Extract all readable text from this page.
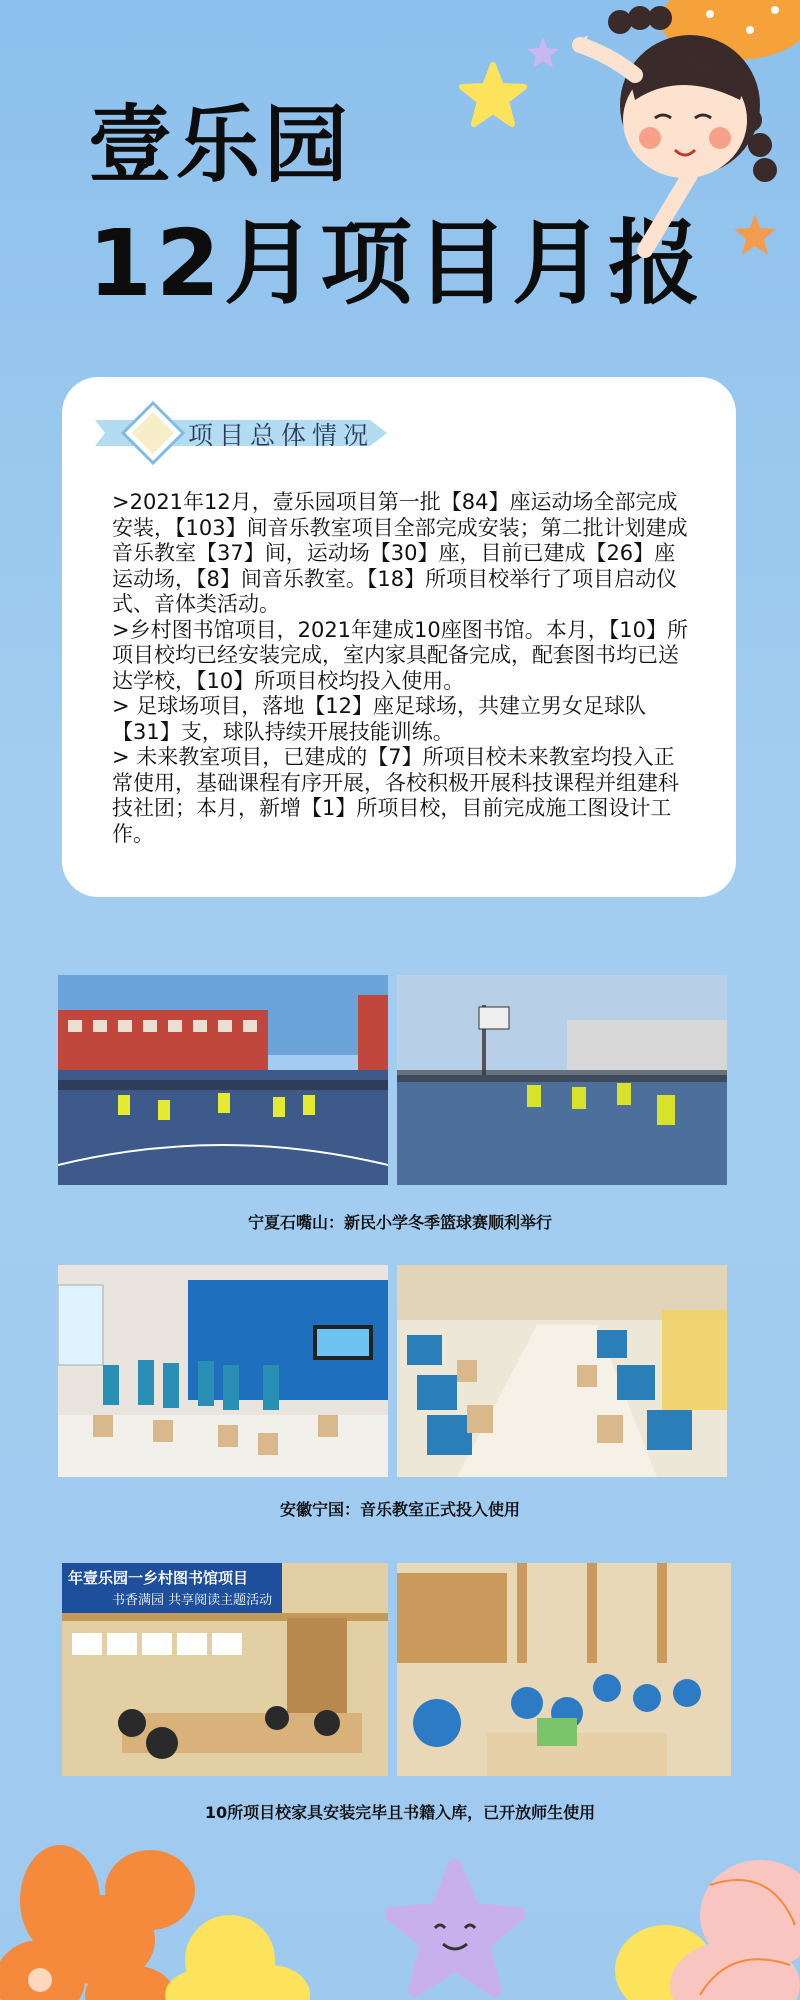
壹乐园
12月项目月报
项目总体情况

>2021年12月，壹乐园项目第一批【84】座运动场全部完成安装，【103】间音乐教室项目全部完成安装；第二批计划建成音乐教室【37】间，运动场【30】座，目前已建成【26】座运动场，【8】间音乐教室。【18】所项目校举行了项目启动仪式、音体类活动。

>乡村图书馆项目，2021年建成10座图书馆。本月，【10】所项目校均已经安装完成，室内家具配备完成，配套图书均已送达学校，【10】所项目校均投入使用。

> 足球场项目，落地【12】座足球场，共建立男女足球队【31】支，球队持续开展技能训练。

> 未来教室项目，已建成的【7】所项目校未来教室均投入正常使用，基础课程有序开展，各校积极开展科技课程并组建科技社团；本月，新增【1】所项目校，目前完成施工图设计工作。

宁夏石嘴山：新民小学冬季篮球赛顺利举行
安徽宁国：音乐教室正式投入使用
年壹乐园一乡村图书馆项目
书香满园 共享阅读主题活动
10所项目校家具安装完毕且书籍入库，已开放师生使用
